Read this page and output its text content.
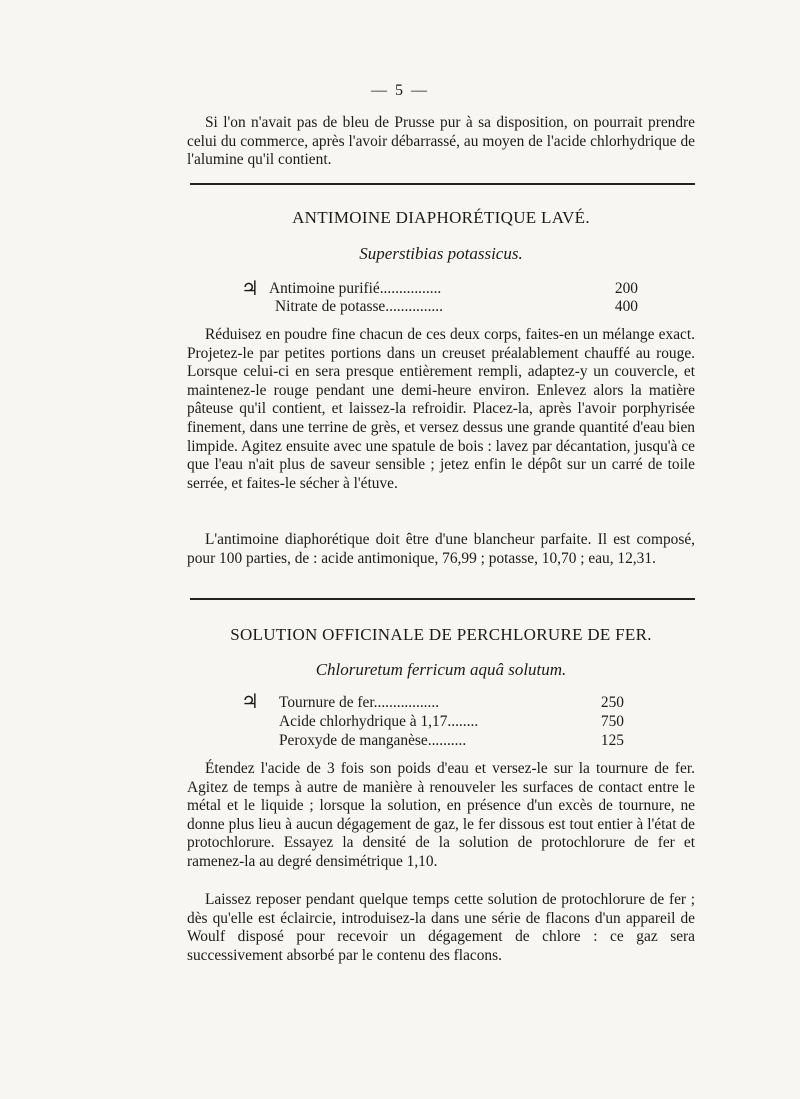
— 5 —
Si l'on n'avait pas de bleu de Prusse pur à sa disposition, on pourrait prendre celui du commerce, après l'avoir débarrassé, au moyen de l'acide chlorhydrique de l'alumine qu'il contient.
ANTIMOINE DIAPHORÉTIQUE LAVÉ.
Superstibias potassicus.
♃ Antimoine purifié................	200
Nitrate de potasse...............	400
Réduisez en poudre fine chacun de ces deux corps, faites-en un mélange exact. Projetez-le par petites portions dans un creuset préalablement chauffé au rouge. Lorsque celui-ci en sera presque entièrement rempli, adaptez-y un couvercle, et maintenez-le rouge pendant une demi-heure environ. Enlevez alors la matière pâteuse qu'il contient, et laissez-la refroidir. Placez-la, après l'avoir porphyrisée finement, dans une terrine de grès, et versez dessus une grande quantité d'eau bien limpide. Agitez ensuite avec une spatule de bois : lavez par décantation, jusqu'à ce que l'eau n'ait plus de saveur sensible ; jetez enfin le dépôt sur un carré de toile serrée, et faites-le sécher à l'étuve.
L'antimoine diaphorétique doit être d'une blancheur parfaite. Il est composé, pour 100 parties, de : acide antimonique, 76,99 ; potasse, 10,70 ; eau, 12,31.
SOLUTION OFFICINALE DE PERCHLORURE DE FER.
Chloruretum ferricum aquâ solutum.
♃ Tournure de fer.................	250
Acide chlorhydrique à 1,17........	750
Peroxyde de manganèse..........	125
Étendez l'acide de 3 fois son poids d'eau et versez-le sur la tournure de fer. Agitez de temps à autre de manière à renouveler les surfaces de contact entre le métal et le liquide ; lorsque la solution, en présence d'un excès de tournure, ne donne plus lieu à aucun dégagement de gaz, le fer dissous est tout entier à l'état de protochlorure. Essayez la densité de la solution de protochlorure de fer et ramenez-la au degré densimétrique 1,10.
Laissez reposer pendant quelque temps cette solution de protochlorure de fer ; dès qu'elle est éclaircie, introduisez-la dans une série de flacons d'un appareil de Woulf disposé pour recevoir un dégagement de chlore : ce gaz sera successivement absorbé par le contenu des flacons.
